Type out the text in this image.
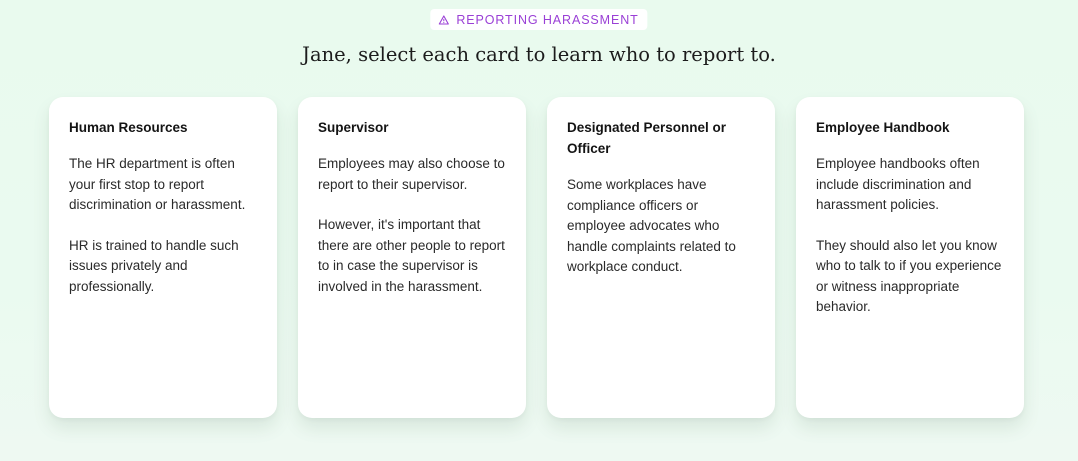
REPORTING HARASSMENT
Jane, select each card to learn who to report to.
Human Resources

The HR department is often your first stop to report discrimination or harassment.

HR is trained to handle such issues privately and professionally.

Supervisor

Employees may also choose to report to their supervisor.

However, it's important that there are other people to report to in case the supervisor is involved in the harassment.

Designated Personnel or Officer

Some workplaces have compliance officers or employee advocates who handle complaints related to workplace conduct.

Employee Handbook

Employee handbooks often include discrimination and harassment policies.

They should also let you know who to talk to if you experience or witness inappropriate behavior.
